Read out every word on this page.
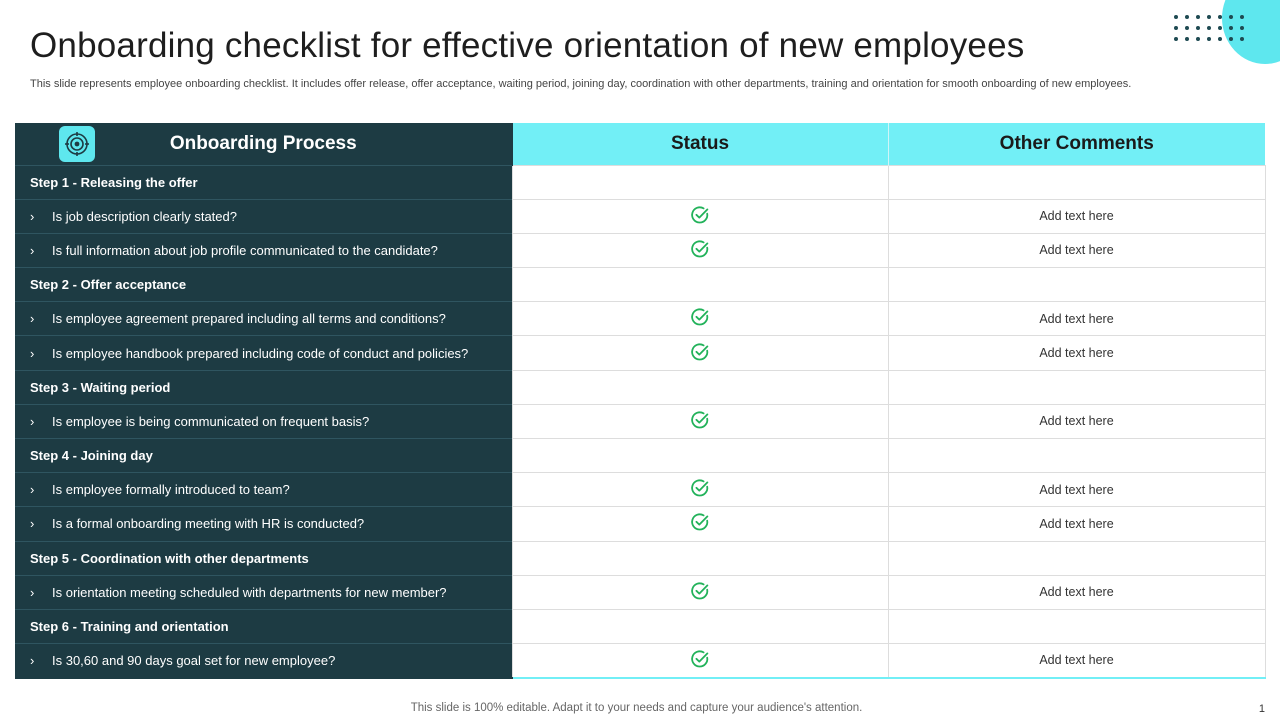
Onboarding checklist for effective orientation of new employees
This slide represents employee onboarding checklist. It includes offer release, offer acceptance, waiting period, joining day, coordination with other departments, training and orientation for smooth onboarding of new employees.
Onboarding Process	Status	Other Comments
Step 1 - Releasing the offer		
› Is job description clearly stated?		Add text here
› Is full information about job profile communicated to the candidate?		Add text here
Step 2 - Offer acceptance		
› Is employee agreement prepared including all terms and conditions?		Add text here
› Is employee handbook prepared including code of conduct and policies?		Add text here
Step 3 - Waiting period		
› Is employee is being communicated on frequent basis?		Add text here
Step 4 - Joining day		
› Is employee formally introduced to team?		Add text here
› Is a formal onboarding meeting with HR is conducted?		Add text here
Step 5 - Coordination with other departments		
› Is orientation meeting scheduled with departments for new member?		Add text here
Step 6 - Training and orientation		
› Is 30,60 and 90 days goal set for new employee?		Add text here
This slide is 100% editable. Adapt it to your needs and capture your audience's attention.	1
